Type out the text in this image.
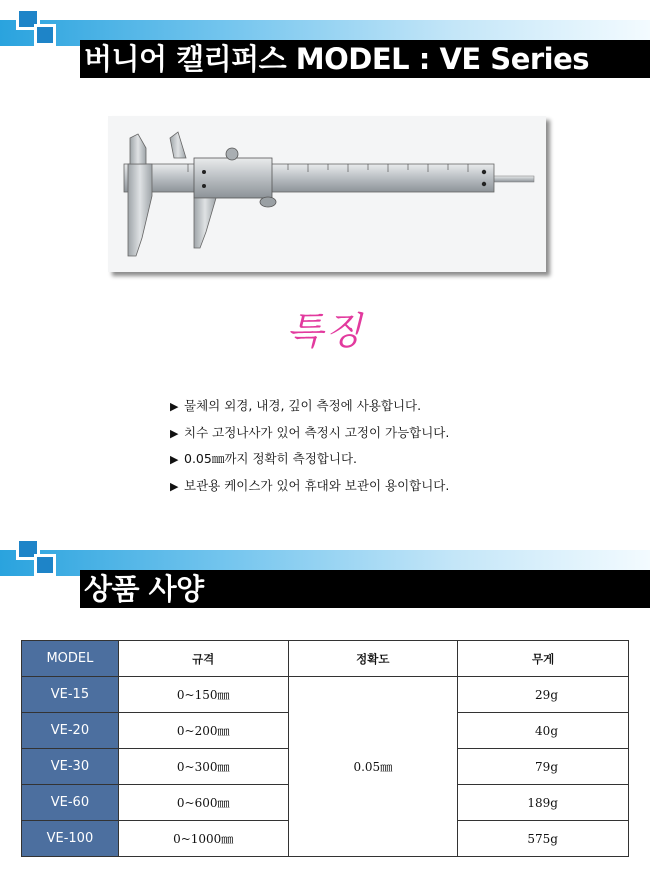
버니어 캘리퍼스 MODEL : VE Series
특징
▶ 물체의 외경, 내경, 깊이 측정에 사용합니다.
▶ 치수 고정나사가 있어 측정시 고정이 가능합니다.
▶ 0.05㎜까지 정확히 측정합니다.
▶ 보관용 케이스가 있어 휴대와 보관이 용이합니다.
상품 사양
MODEL	규격	정확도	무게
VE-15	0~150㎜	0.05㎜	29g
VE-20	0~200㎜		40g
VE-30	0~300㎜		79g
VE-60	0~600㎜		189g
VE-100	0~1000㎜		575g
